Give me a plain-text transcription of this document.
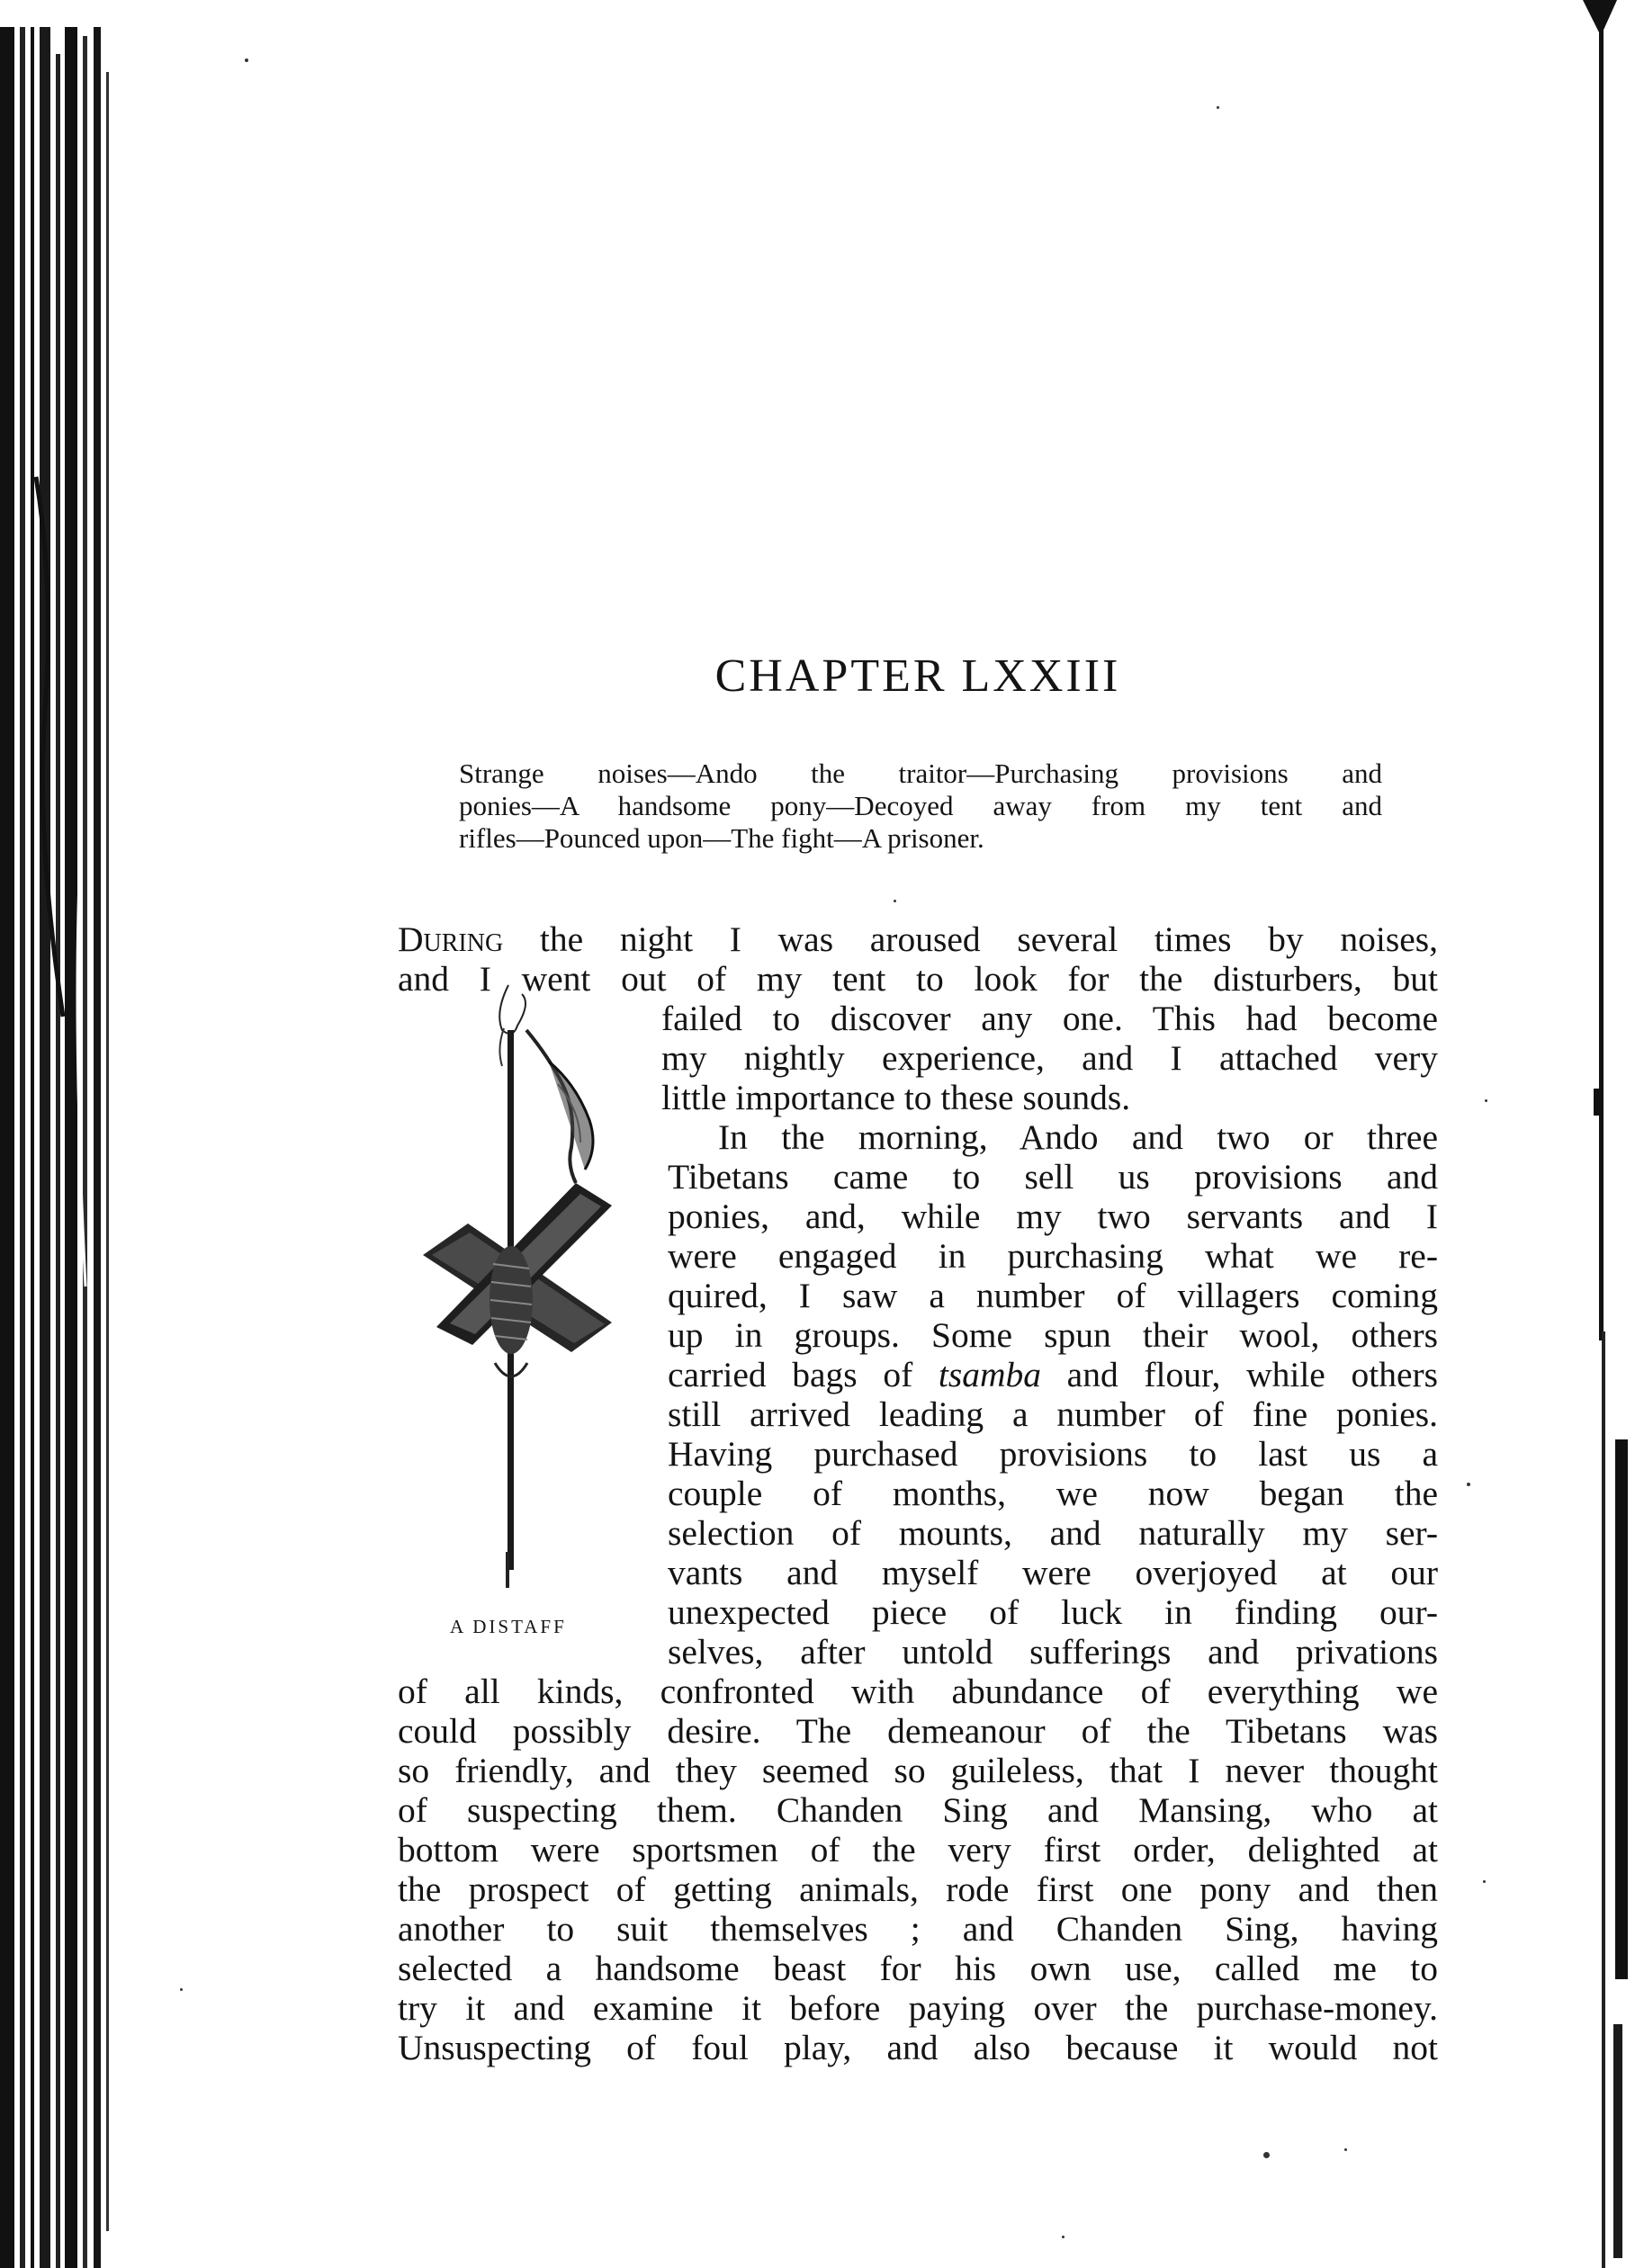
CHAPTER LXXIII
Strange noises—Ando the traitor—Purchasing provisions and
ponies—A handsome pony—Decoyed away from my tent and
rifles—Pounced upon—The fight—A prisoner.
During the night I was aroused several times by noises,
and I went out of my tent to look for the disturbers, but
failed to discover any one. This had become
my nightly experience, and I attached very
little importance to these sounds.
In the morning, Ando and two or three
Tibetans came to sell us provisions and
ponies, and, while my two servants and I
were engaged in purchasing what we re-
quired, I saw a number of villagers coming
up in groups. Some spun their wool, others
carried bags of tsamba and flour, while others
still arrived leading a number of fine ponies.
Having purchased provisions to last us a
couple of months, we now began the
selection of mounts, and naturally my ser-
vants and myself were overjoyed at our
unexpected piece of luck in finding our-
selves, after untold sufferings and privations
of all kinds, confronted with abundance of everything we
could possibly desire. The demeanour of the Tibetans was
so friendly, and they seemed so guileless, that I never thought
of suspecting them. Chanden Sing and Mansing, who at
bottom were sportsmen of the very first order, delighted at
the prospect of getting animals, rode first one pony and then
another to suit themselves ; and Chanden Sing, having
selected a handsome beast for his own use, called me to
try it and examine it before paying over the purchase-money.
Unsuspecting of foul play, and also because it would not
A DISTAFF
